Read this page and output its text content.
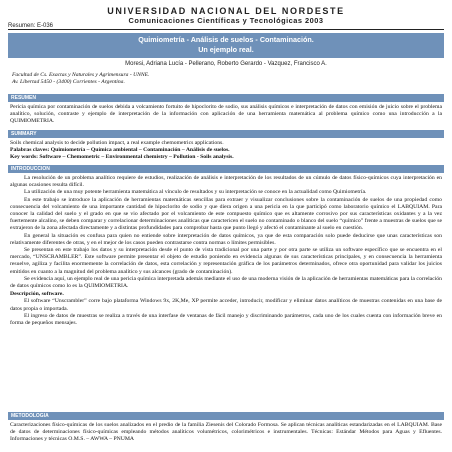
UNIVERSIDAD NACIONAL DEL NORDESTE
Comunicaciones Científicas y Tecnológicas 2003
Resumen: E-036
Quimiometría - Análisis de suelos - Contaminación.
Un ejemplo real.
Moresi, Adriana Lucía - Pellerano, Roberto Gerardo - Vazquez, Francisco A.
Facultad de Cs. Exactas y Naturales y Agrimensura - UNNE.
Av. Libertad 5450 - (3400) Corrientes - Argentina.
RESUMEN

Pericia química por contaminación de suelos debida a volcamiento fortuito de hipoclorito de sodio, sus análisis químicos e interpretación de datos con emisión de juicio sobre el problema analítico, solución, contraste y ejemplo de interpretación de la información con aplicación de una herramienta matemática al problema químico como una introducción a la QUIMIOMETRIA.

SUMMARY

Soils chemical analysis to decide pollution impact, a real example chemometrics applications.

Palabras claves: Quimiometría – Química ambiental – Contaminación – Análisis de suelos.

Key words: Software – Chemometric – Environmental chemistry – Pollution - Soils analysis.

INTRODUCCION

La resolución de un problema analítico requiere de estudios, realización de análisis e interpretación de los resultados de un cúmulo de datos físico-químicos cuya interpretación en algunas ocasiones resulta difícil.

La utilización de una muy potente herramienta matemática al vínculo de resultados y su interpretación se conoce en la actualidad como Quimiometría.

En este trabajo se introduce la aplicación de herramientas matemáticas sencillas para extraer y visualizar conclusiones sobre la contaminación de suelos de una propiedad como consecuencia del volcamiento de una importante cantidad de hipoclorito de sodio y que diera origen a una pericia en la que participó como laboratorio químico el LABQUIAM. Para conocer la calidad del suelo y el grado en que se vio afectado por el volcamiento de este compuesto químico que es altamente corrosivo por sus características oxidantes y a la vez fuertemente alcalino, se deben comparar y correlacionar determinaciones analíticas que caractericen el suelo no contaminado o blanco del suelo “químico” frente a muestras de suelos que se extrajeron de la zona afectada directamente y a distintas profundidades para comprobar hasta que punto llegó y afectó el contaminante al suelo en cuestión.

En general la situación es confusa para quien no entiende sobre interpretación de datos químicos, ya que de esta comparación solo puede deducirse que unas características son relativamente diferentes de otras, y en el mejor de los casos pueden contrastarse contra normas o límites permisibles.

Se presentan en este trabajo los datos y su interpretación desde el punto de vista tradicional por una parte y por otra parte se utiliza un software específico que se encuentra en el mercado, “UNSCRAMBLER”. Este software permite presentar el objeto de estudio poniendo en evidencia algunas de sus características principales, y en consecuencia la herramienta resuelve, agiliza y facilita enormemente la correlación de datos, esta correlación y representación gráfica de los parámetros determinados, ofrece otra oportunidad para validar los juicios emitidos en cuanto a la magnitud del problema analítico y sus alcances (grado de contaminación).

Se evidencia aquí, un ejemplo real de una pericia química interpretada además mediante el uso de una moderna visión de la aplicación de herramientas matemáticas para la correlación de datos químicos como lo es la QUIMIOMETRIA.

Descripción, software.

El software “Unscrambler” corre bajo plataforma Windows 9x, 2K,Me, XP permite acceder, introducir, modificar y eliminar datos analíticos de muestras contenidas en una base de datos propia o importada.

El ingreso de datos de muestras se realiza a través de una interfase de ventanas de fácil manejo y discriminando parámetros, cada uno de los cuales cuenta con información breve en forma de pequeños mensajes.

METODOLOGIA

Caracterizaciones físico-químicas de los suelos analizados en el predio de la familia Ziesenis del Colorado Formosa. Se aplican técnicas analíticas estandarizadas en el LABQUIAM. Base de datos de determinaciones físico-químicas empleando métodos analíticos volumétricos, colorimétricos e instrumentales. Técnicas: Estándar Métodos para Aguas y Efluentes. Informaciones y técnicas O.M.S. – AWWA – PNUMA
